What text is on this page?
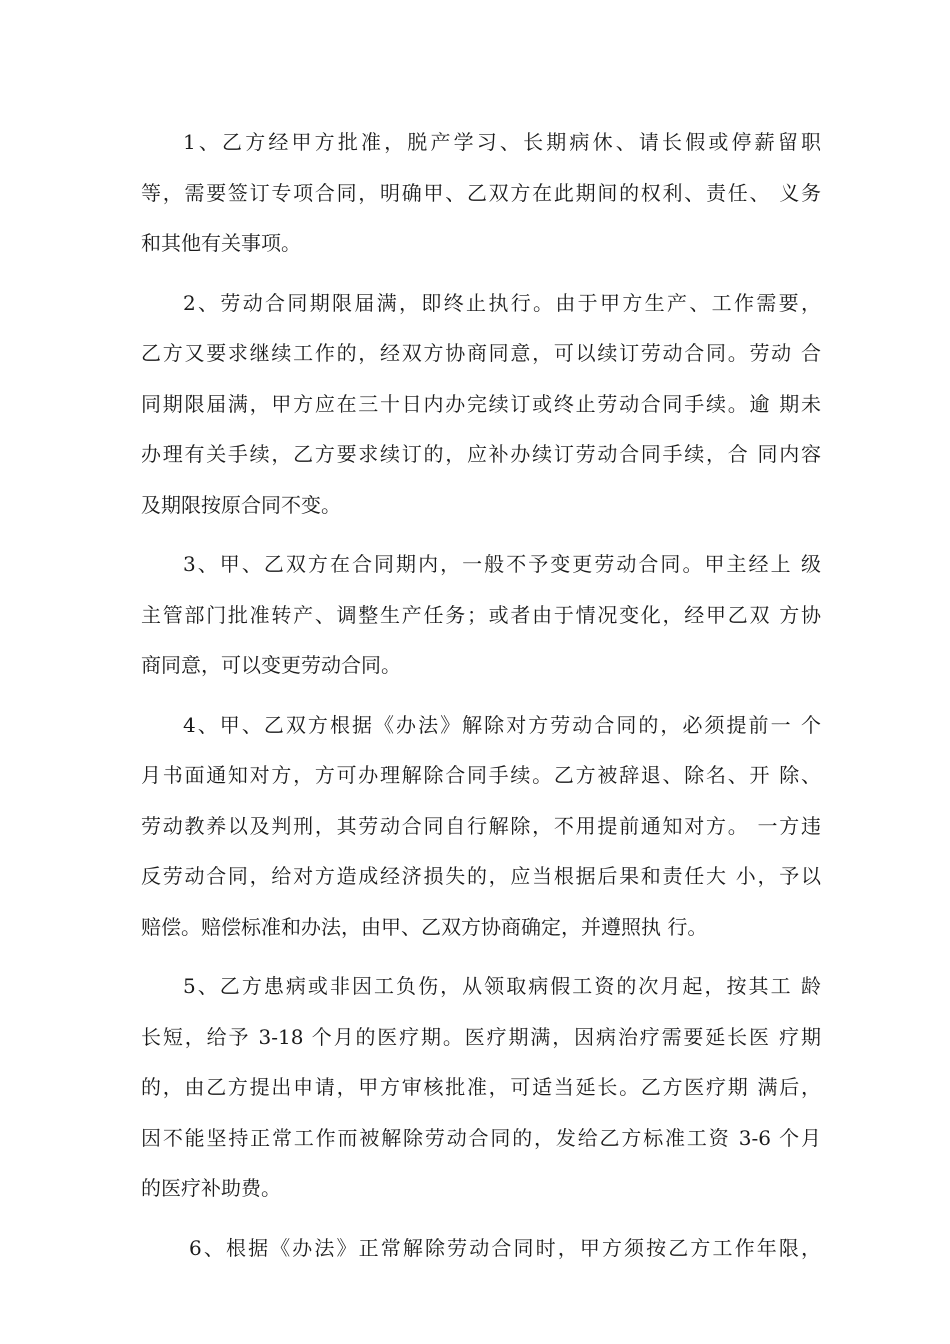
1、乙方经甲方批准，脱产学习、长期病休、请长假或停薪留职
等，需要签订专项合同，明确甲、乙双方在此期间的权利、责任、 义务
和其他有关事项。
2、劳动合同期限届满，即终止执行。由于甲方生产、工作需要，
乙方又要求继续工作的，经双方协商同意，可以续订劳动合同。劳动 合
同期限届满，甲方应在三十日内办完续订或终止劳动合同手续。逾 期未
办理有关手续，乙方要求续订的，应补办续订劳动合同手续，合 同内容
及期限按原合同不变。
3、甲、乙双方在合同期内，一般不予变更劳动合同。甲主经上 级
主管部门批准转产、调整生产任务；或者由于情况变化，经甲乙双 方协
商同意，可以变更劳动合同。
4、甲、乙双方根据《办法》解除对方劳动合同的，必须提前一 个
月书面通知对方，方可办理解除合同手续。乙方被辞退、除名、开 除、
劳动教养以及判刑，其劳动合同自行解除，不用提前通知对方。 一方违
反劳动合同，给对方造成经济损失的，应当根据后果和责任大 小，予以
赔偿。赔偿标准和办法，由甲、乙双方协商确定，并遵照执 行。
5、乙方患病或非因工负伤，从领取病假工资的次月起，按其工 龄
长短，给予 3-18 个月的医疗期。医疗期满，因病治疗需要延长医 疗期
的，由乙方提出申请，甲方审核批准，可适当延长。乙方医疗期 满后，
因不能坚持正常工作而被解除劳动合同的，发给乙方标准工资 3-6 个月
的医疗补助费。
6、根据《办法》正常解除劳动合同时，甲方须按乙方工作年限，
